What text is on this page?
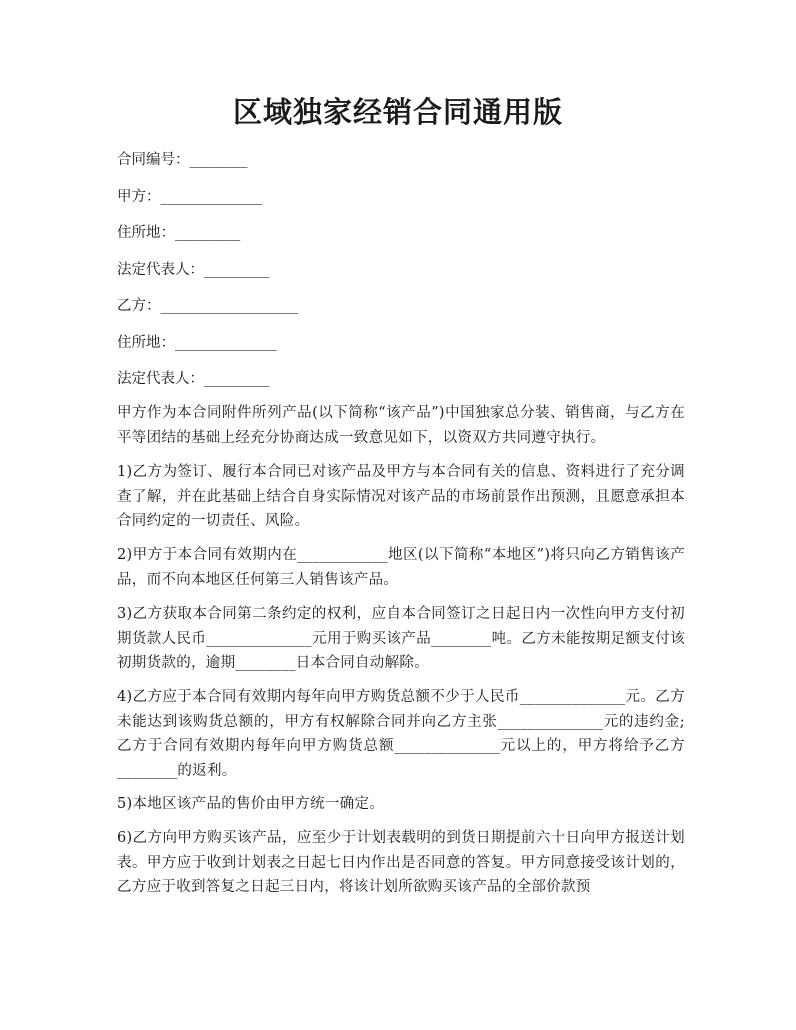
区域独家经销合同通用版

合同编号：________

甲方：______________

住所地：_________

法定代表人：_________

乙方：___________________

住所地：______________

法定代表人：_________

甲方作为本合同附件所列产品(以下简称“该产品”)中国独家总分装、销售商，与乙方在平等团结的基础上经充分协商达成一致意见如下，以资双方共同遵守执行。

1)乙方为签订、履行本合同已对该产品及甲方与本合同有关的信息、资料进行了充分调查了解，并在此基础上结合自身实际情况对该产品的市场前景作出预测，且愿意承担本合同约定的一切责任、风险。

2)甲方于本合同有效期内在____________地区(以下简称“本地区”)将只向乙方销售该产品，而不向本地区任何第三人销售该产品。

3)乙方获取本合同第二条约定的权利，应自本合同签订之日起日内一次性向甲方支付初期货款人民币______________元用于购买该产品________吨。乙方未能按期足额支付该初期货款的，逾期________日本合同自动解除。

4)乙方应于本合同有效期内每年向甲方购货总额不少于人民币______________元。乙方未能达到该购货总额的，甲方有权解除合同并向乙方主张______________元的违约金;乙方于合同有效期内每年向甲方购货总额______________元以上的，甲方将给予乙方________的返利。

5)本地区该产品的售价由甲方统一确定。

6)乙方向甲方购买该产品，应至少于计划表载明的到货日期提前六十日向甲方报送计划表。甲方应于收到计划表之日起七日内作出是否同意的答复。甲方同意接受该计划的，乙方应于收到答复之日起三日内，将该计划所欲购买该产品的全部价款预
